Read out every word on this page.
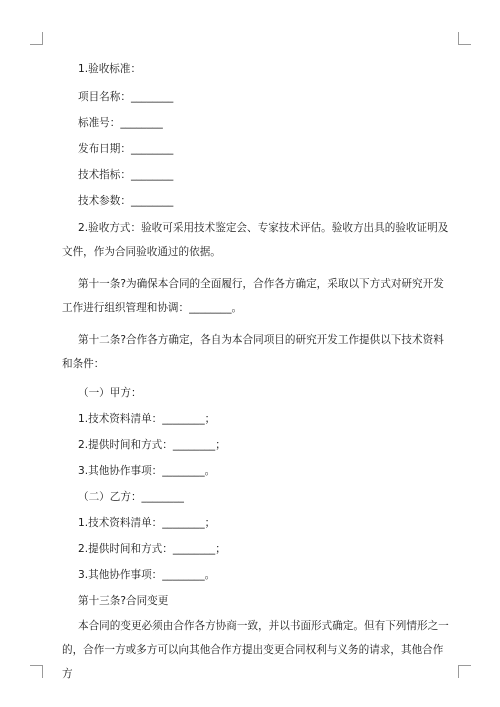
1.验收标准：

项目名称：________

标准号：________

发布日期：________

技术指标：________

技术参数：________

2.验收方式：验收可采用技术鉴定会、专家技术评估。验收方出具的验收证明及文件，作为合同验收通过的依据。

第十一条?为确保本合同的全面履行，合作各方确定，采取以下方式对研究开发工作进行组织管理和协调：________。

第十二条?合作各方确定，各自为本合同项目的研究开发工作提供以下技术资料和条件：

（一）甲方：

1.技术资料清单：________；

2.提供时间和方式：________；

3.其他协作事项：________。

（二）乙方：________

1.技术资料清单：________；

2.提供时间和方式：________；

3.其他协作事项：________。

第十三条?合同变更

本合同的变更必须由合作各方协商一致，并以书面形式确定。但有下列情形之一的，合作一方或多方可以向其他合作方提出变更合同权利与义务的请求，其他合作方
